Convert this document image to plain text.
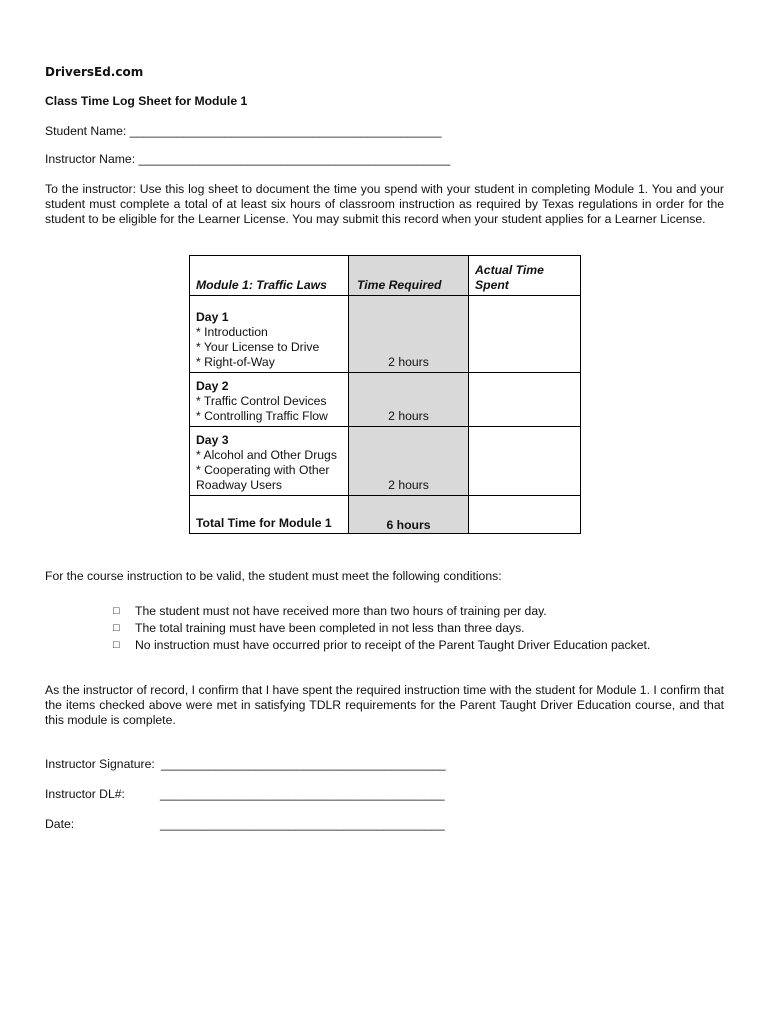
DriversEd.com
Class Time Log Sheet for Module 1
Student Name: ______________________________________________
Instructor Name: ______________________________________________
To the instructor: Use this log sheet to document the time you spend with your student in completing Module 1. You and your student must complete a total of at least six hours of classroom instruction as required by Texas regulations in order for the student to be eligible for the Learner License. You may submit this record when your student applies for a Learner License.
Module 1: Traffic Laws	Time Required	Actual Time Spent

Day 1
* Introduction
* Your License to Drive
* Right-of-Way	2 hours	

Day 2
* Traffic Control Devices
* Controlling Traffic Flow	2 hours	

Day 3
* Alcohol and Other Drugs
* Cooperating with Other Roadway Users	2 hours	
Total Time for Module 1	6 hours	
For the course instruction to be valid, the student must meet the following conditions:
□	The student must not have received more than two hours of training per day.
□	The total training must have been completed in not less than three days.
□	No instruction must have occurred prior to receipt of the Parent Taught Driver Education packet.
As the instructor of record, I confirm that I have spent the required instruction time with the student for Module 1. I confirm that the items checked above were met in satisfying TDLR requirements for the Parent Taught Driver Education course, and that this module is complete.
Instructor Signature: __________________________________________
Instructor DL#:	__________________________________________
Date:	__________________________________________
